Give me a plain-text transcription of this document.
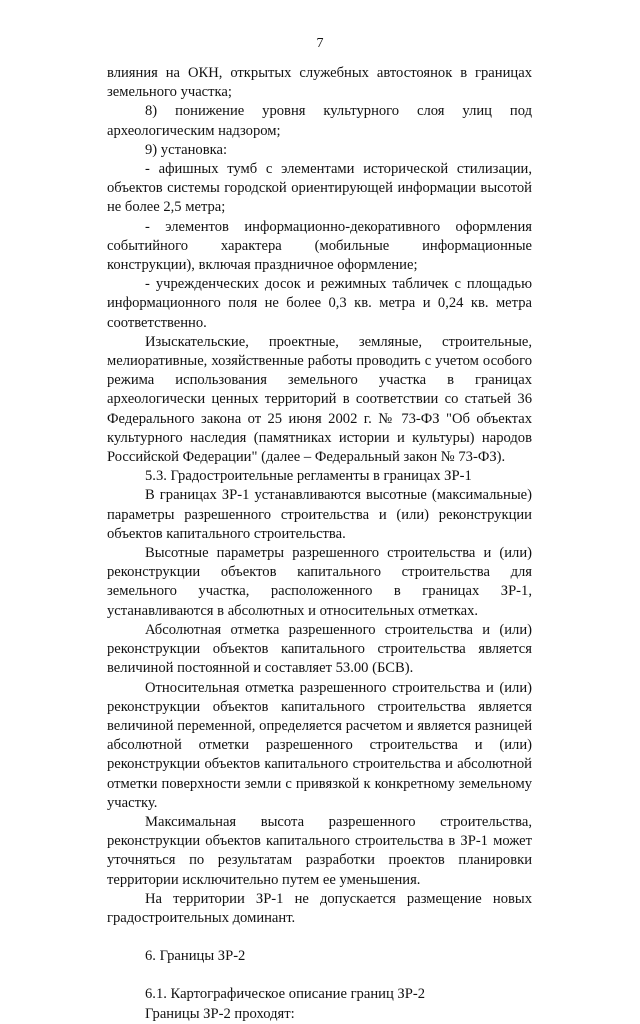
7

влияния на ОКН, открытых служебных автостоянок в границах земельного участка;

8) понижение уровня культурного слоя улиц под археологическим надзором;

9) установка:

- афишных тумб с элементами исторической стилизации, объектов системы городской ориентирующей информации высотой не более 2,5 метра;

- элементов информационно-декоративного оформления событийного характера (мобильные информационные конструкции), включая праздничное оформление;

- учрежденческих досок и режимных табличек с площадью информационного поля не более 0,3 кв. метра и 0,24 кв. метра соответственно.

Изыскательские, проектные, земляные, строительные, мелиоративные, хозяйственные работы проводить с учетом особого режима использования земельного участка в границах археологически ценных территорий в соответствии со статьей 36 Федерального закона от 25 июня 2002 г. № 73-ФЗ "Об объектах культурного наследия (памятниках истории и культуры) народов Российской Федерации" (далее – Федеральный закон № 73-ФЗ).

5.3. Градостроительные регламенты в границах ЗР-1

В границах ЗР-1 устанавливаются высотные (максимальные) параметры разрешенного строительства и (или) реконструкции объектов капитального строительства.

Высотные параметры разрешенного строительства и (или) реконструкции объектов капитального строительства для земельного участка, расположенного в границах ЗР-1, устанавливаются в абсолютных и относительных отметках.

Абсолютная отметка разрешенного строительства и (или) реконструкции объектов капитального строительства является величиной постоянной и составляет 53.00 (БСВ).

Относительная отметка разрешенного строительства и (или) реконструкции объектов капитального строительства является величиной переменной, определяется расчетом и является разницей абсолютной отметки разрешенного строительства и (или) реконструкции объектов капитального строительства и абсолютной отметки поверхности земли с привязкой к конкретному земельному участку.

Максимальная высота разрешенного строительства, реконструкции объектов капитального строительства в ЗР-1 может уточняться по результатам разработки проектов планировки территории исключительно путем ее уменьшения.

На территории ЗР-1 не допускается размещение новых градостроительных доминант.

6. Границы ЗР-2

6.1. Картографическое описание границ ЗР-2

Границы ЗР-2 проходят:
